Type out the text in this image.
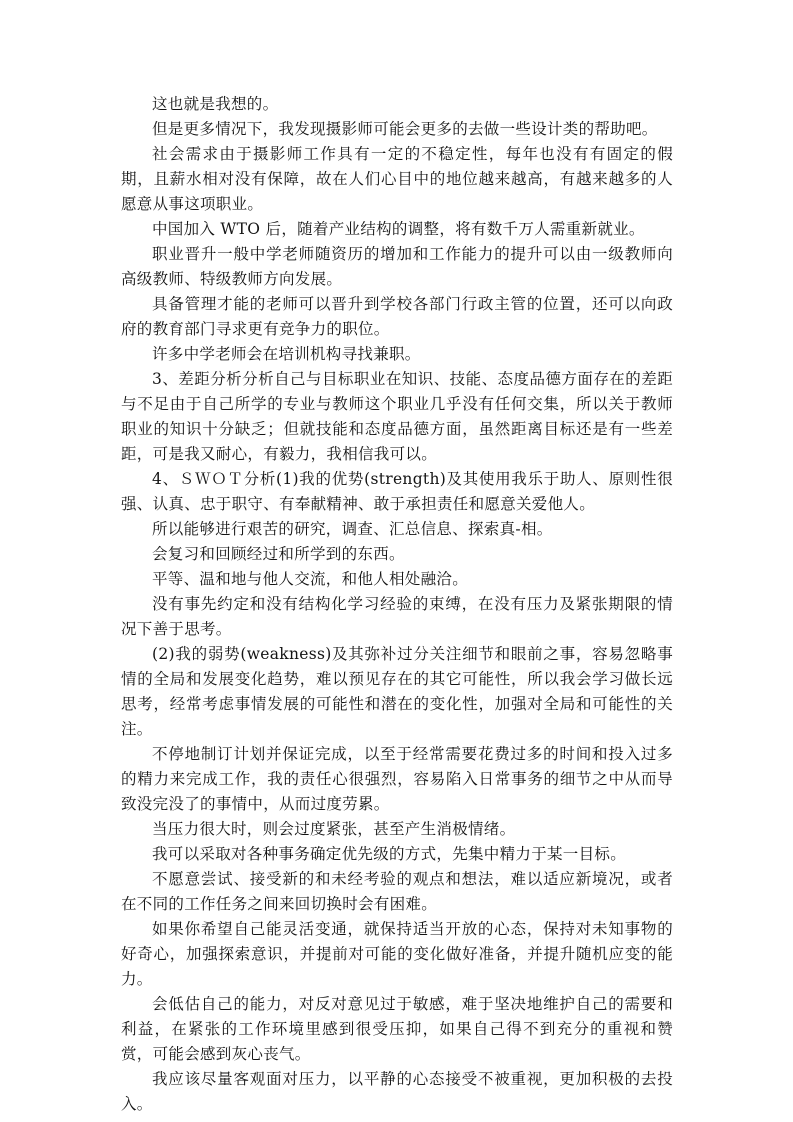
这也就是我想的。

但是更多情况下，我发现摄影师可能会更多的去做一些设计类的帮助吧。

社会需求由于摄影师工作具有一定的不稳定性，每年也没有有固定的假期，且薪水相对没有保障，故在人们心目中的地位越来越高，有越来越多的人愿意从事这项职业。

中国加入 WTO 后，随着产业结构的调整，将有数千万人需重新就业。

职业晋升一般中学老师随资历的增加和工作能力的提升可以由一级教师向高级教师、特级教师方向发展。

具备管理才能的老师可以晋升到学校各部门行政主管的位置，还可以向政府的教育部门寻求更有竞争力的职位。

许多中学老师会在培训机构寻找兼职。

3、差距分析分析自己与目标职业在知识、技能、态度品德方面存在的差距与不足由于自己所学的专业与教师这个职业几乎没有任何交集，所以关于教师职业的知识十分缺乏；但就技能和态度品德方面，虽然距离目标还是有一些差距，可是我又耐心，有毅力，我相信我可以。

4、ＳＷＯＴ分析(1)我的优势(strength)及其使用我乐于助人、原则性很强、认真、忠于职守、有奉献精神、敢于承担责任和愿意关爱他人。

所以能够进行艰苦的研究，调查、汇总信息、探索真-相。

会复习和回顾经过和所学到的东西。

平等、温和地与他人交流，和他人相处融洽。

没有事先约定和没有结构化学习经验的束缚，在没有压力及紧张期限的情况下善于思考。

(2)我的弱势(weakness)及其弥补过分关注细节和眼前之事，容易忽略事情的全局和发展变化趋势，难以预见存在的其它可能性，所以我会学习做长远思考，经常考虑事情发展的可能性和潜在的变化性，加强对全局和可能性的关注。

不停地制订计划并保证完成，以至于经常需要花费过多的时间和投入过多的精力来完成工作，我的责任心很强烈，容易陷入日常事务的细节之中从而导致没完没了的事情中，从而过度劳累。

当压力很大时，则会过度紧张，甚至产生消极情绪。

我可以采取对各种事务确定优先级的方式，先集中精力于某一目标。

不愿意尝试、接受新的和未经考验的观点和想法，难以适应新境况，或者在不同的工作任务之间来回切换时会有困难。

如果你希望自己能灵活变通，就保持适当开放的心态，保持对未知事物的好奇心，加强探索意识，并提前对可能的变化做好准备，并提升随机应变的能力。

会低估自己的能力，对反对意见过于敏感，难于坚决地维护自己的需要和利益，在紧张的工作环境里感到很受压抑，如果自己得不到充分的重视和赞赏，可能会感到灰心丧气。

我应该尽量客观面对压力，以平静的心态接受不被重视，更加积极的去投入。
